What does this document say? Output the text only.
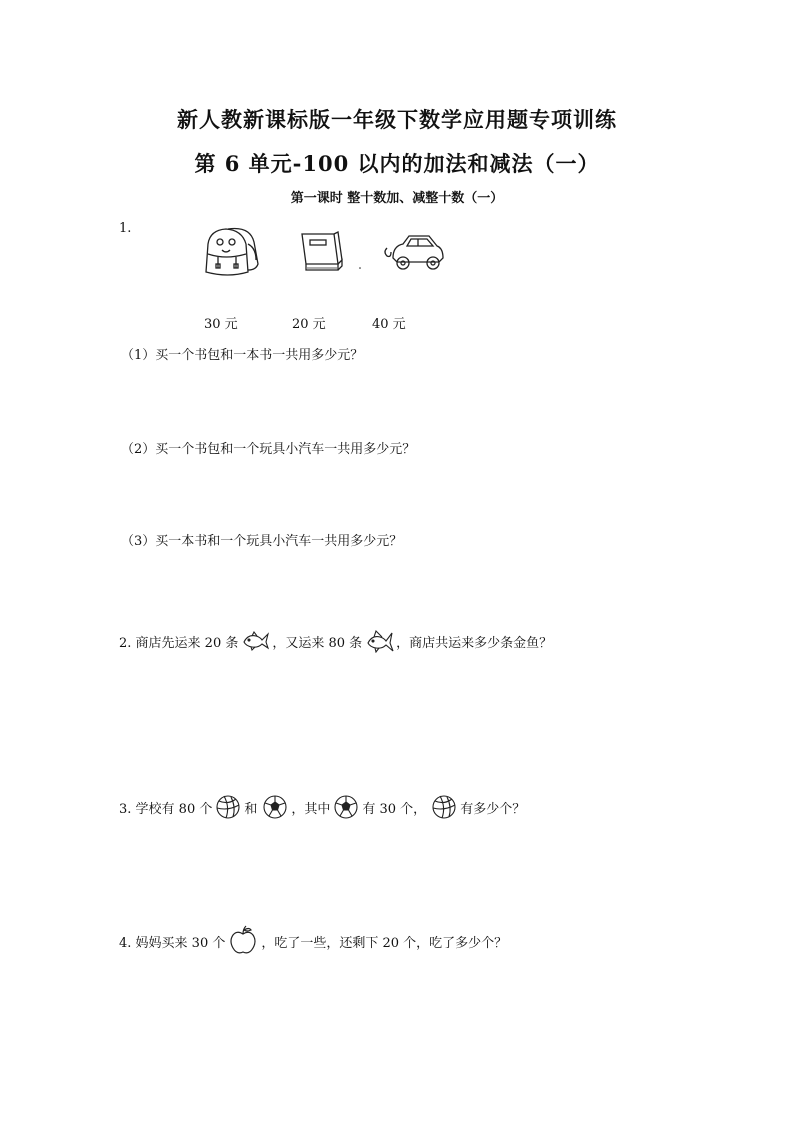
新人教新课标版一年级下数学应用题专项训练
第 6 单元-100 以内的加法和减法（一）
第一课时 整十数加、减整十数（一）
1.
30 元	20 元	40 元
（1）买一个书包和一本书一共用多少元？
（2）买一个书包和一个玩具小汽车一共用多少元？
（3）买一本书和一个玩具小汽车一共用多少元？
2. 商店先运来 20 条	，又运来 80 条	，商店共运来多少条金鱼？
3. 学校有 80 个 和	，其中 有 30 个，	有多少个？
4. 妈妈买来 30 个	，吃了一些，还剩下 20 个，吃了多少个？
